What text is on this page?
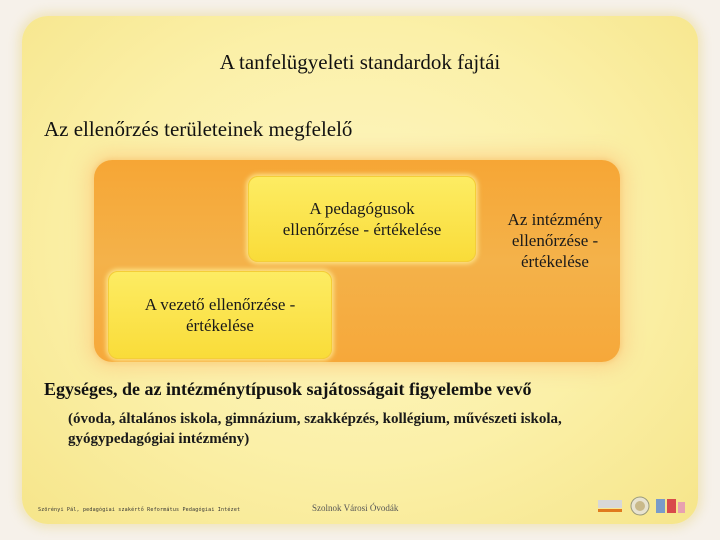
A tanfelügyeleti standardok fajtái
Az ellenőrzés területeinek megfelelő
A pedagógusok ellenőrzése - értékelése
A vezető ellenőrzése - értékelése
Az intézmény ellenőrzése - értékelése
Egységes, de az intézménytípusok sajátosságait figyelembe vevő
(óvoda, általános iskola, gimnázium, szakképzés, kollégium, művészeti iskola, gyógypedagógiai intézmény)
Szörényi Pál, pedagógiai szakértő Református Pedagógiai Intézet	Szolnok Városi Óvodák
